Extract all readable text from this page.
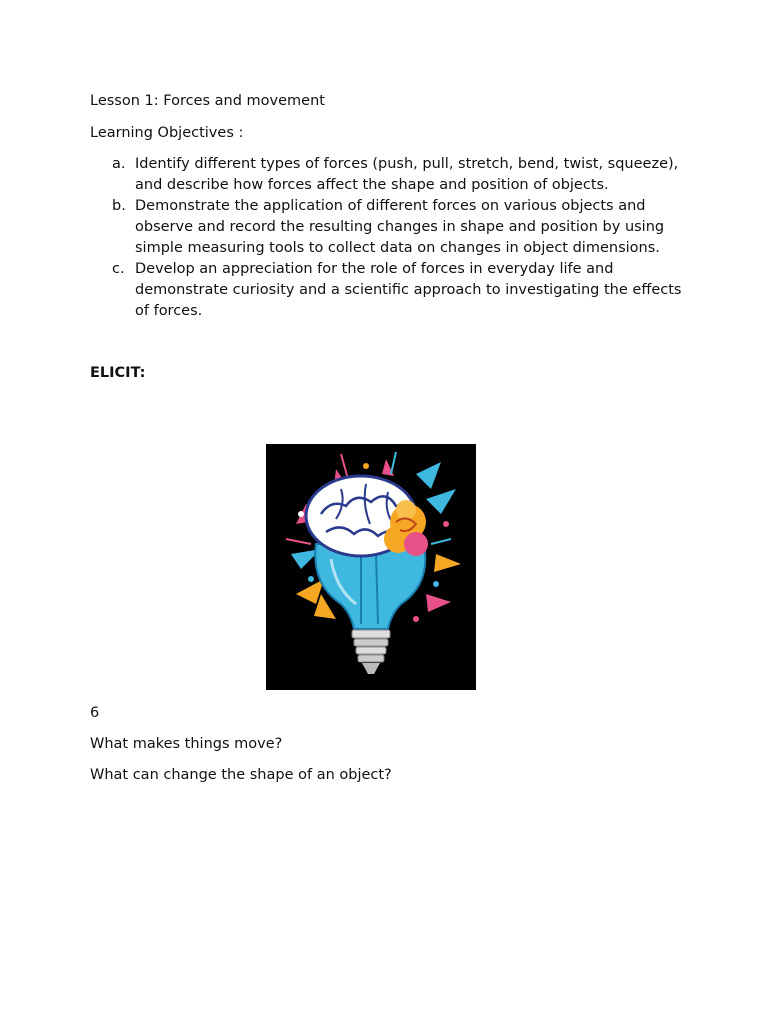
Lesson 1: Forces and movement

Learning Objectives :

a. Identify different types of forces (push, pull, stretch, bend, twist, squeeze), and describe how forces affect the shape and position of objects.
b. Demonstrate the application of different forces on various objects and observe and record the resulting changes in shape and position by using simple measuring tools to collect data on changes in object dimensions.
c. Develop an appreciation for the role of forces in everyday life and demonstrate curiosity and a scientific approach to investigating the effects of forces.

ELICIT:

6

What makes things move?

What can change the shape of an object?
